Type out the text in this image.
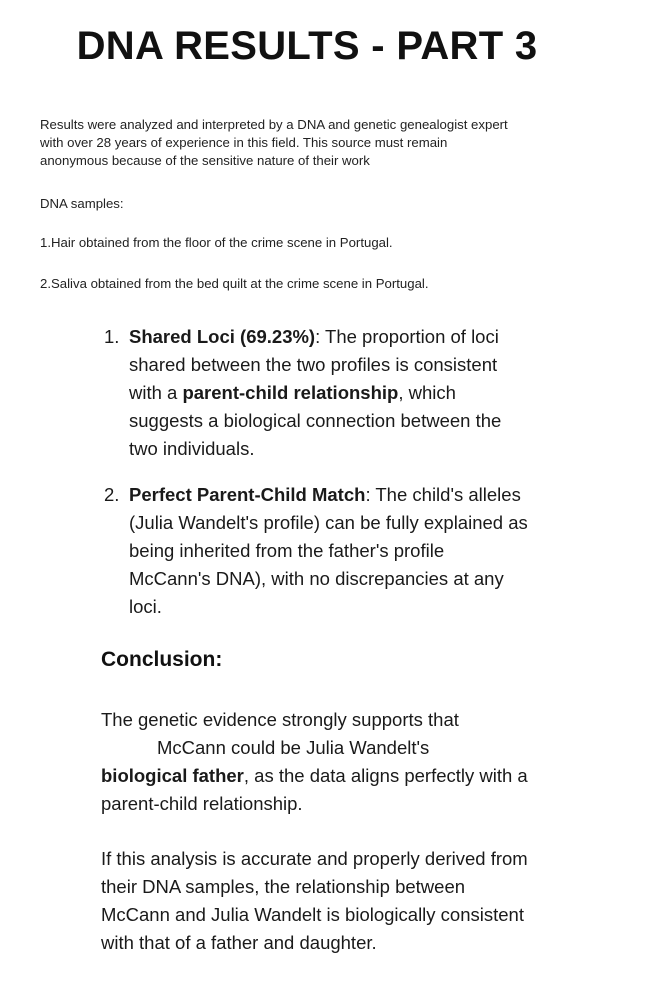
DNA RESULTS - PART 3

Results were analyzed and interpreted by a DNA and genetic genealogist expert
with over 28 years of experience in this field. This source must remain
anonymous because of the sensitive nature of their work

DNA samples:

1.Hair obtained from the floor of the crime scene in Portugal.

2.Saliva obtained from the bed quilt at the crime scene in Portugal.

1. Shared Loci (69.23%): The proportion of loci shared between the two profiles is consistent with a parent-child relationship, which suggests a biological connection between the two individuals.
2. Perfect Parent-Child Match: The child's alleles (Julia Wandelt's profile) can be fully explained as being inherited from the father's profileMcCann's DNA), with no discrepancies at any loci.
Conclusion:

The genetic evidence strongly supports that
McCann could be Julia Wandelt's
biological father, as the data aligns perfectly with a parent-child relationship.

If this analysis is accurate and properly derived from their DNA samples, the relationship betweenMcCann and Julia Wandelt is biologically consistent with that of a father and daughter.
